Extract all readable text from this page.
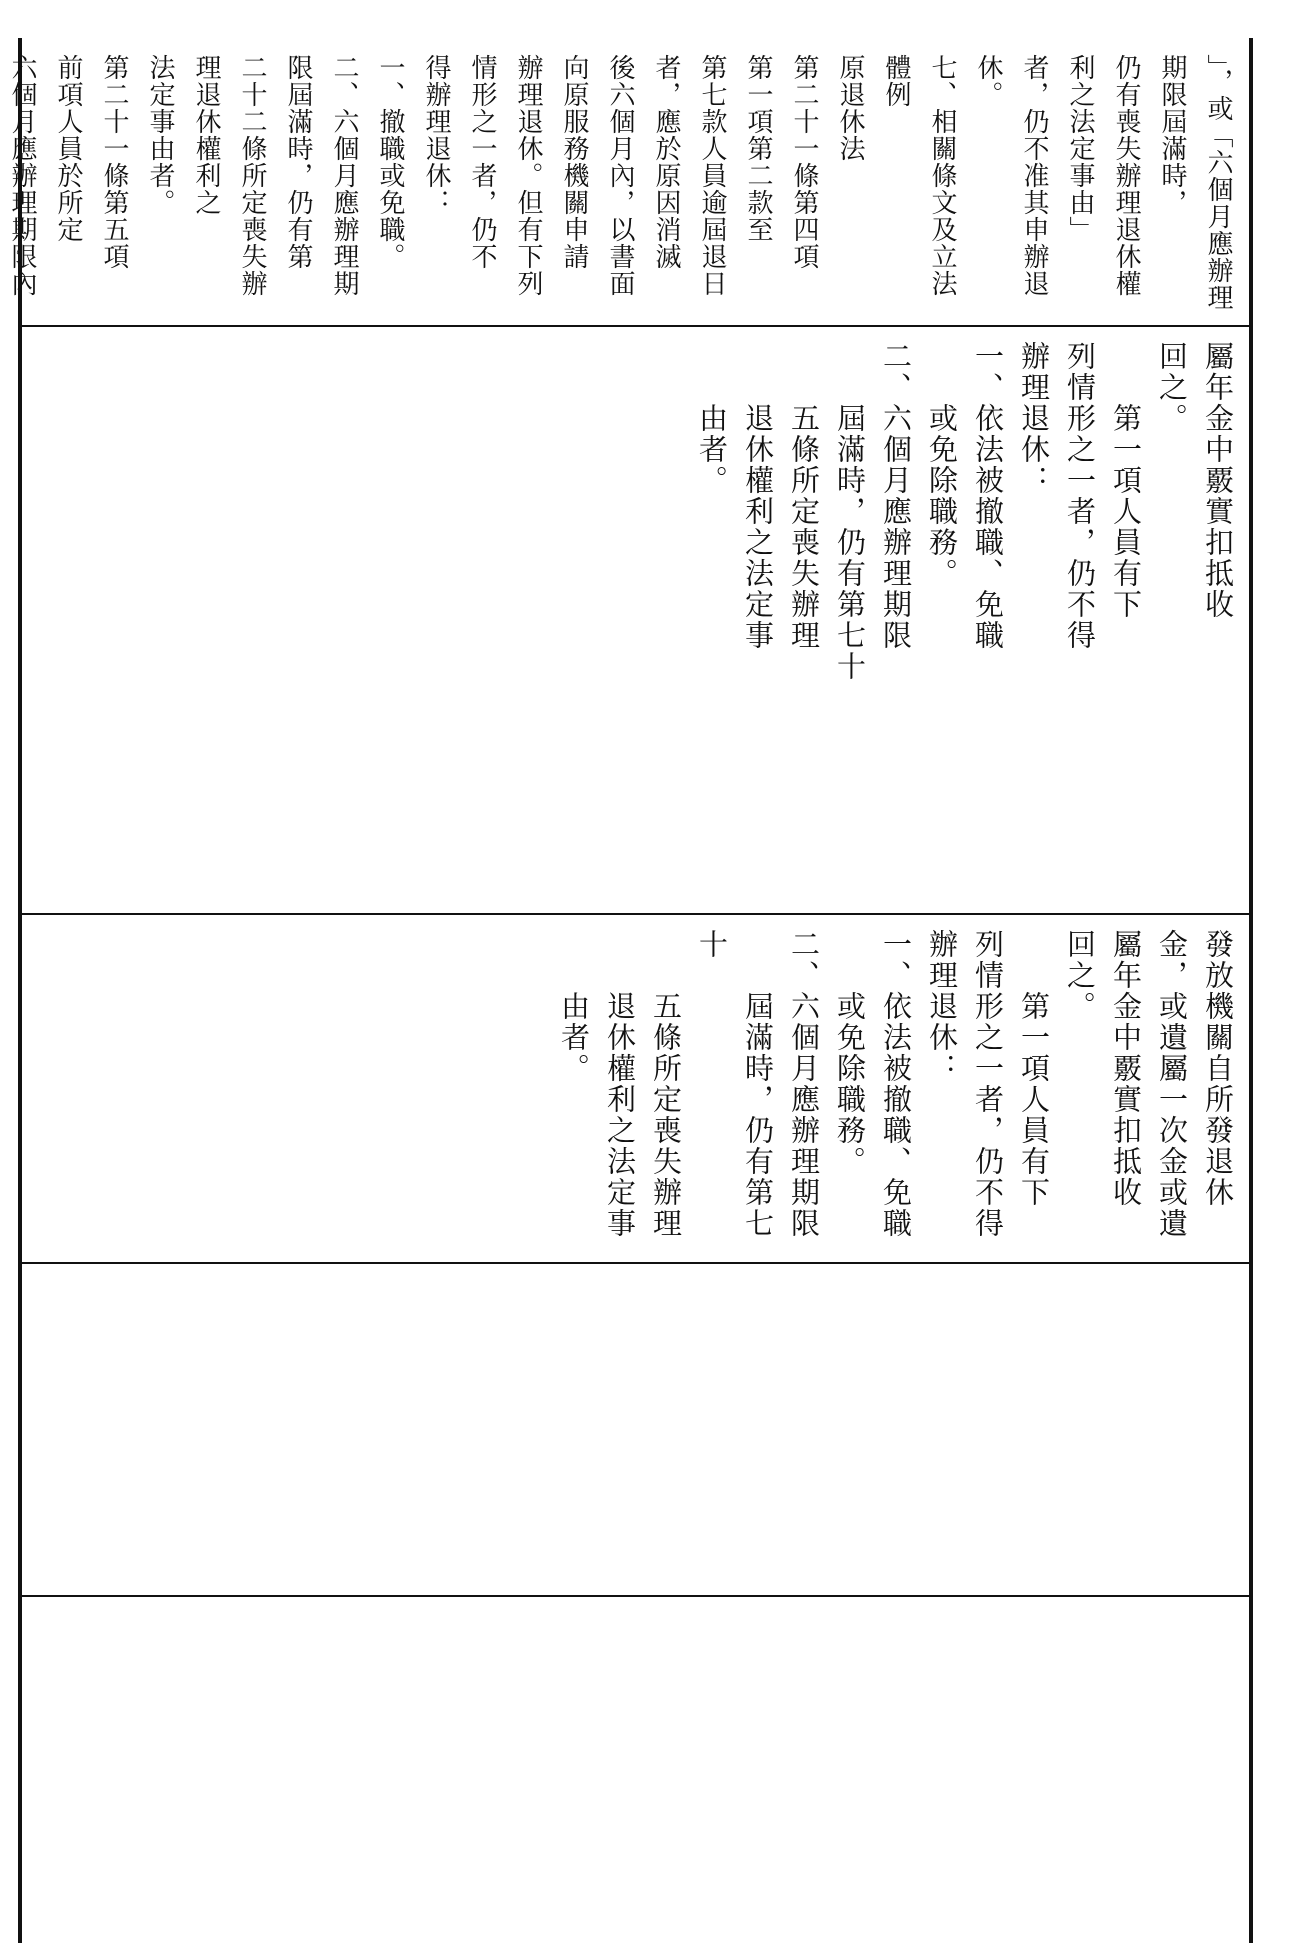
」，或「六個月應辦理期限屆滿時，
仍有喪失辦理退休權利之法定事由」
者，仍不准其申辦退休。
七、相關條文及立法體例
原退休法
第二十一條第四項　第一項第二款至
第七款人員逾屆退日者，應於原因消滅
後六個月內，以書面向原服務機關申請
辦理退休。但有下列情形之一者，仍不
得辦理退休：
一、撤職或免職。
二、六個月應辦理期限屆滿時，仍有第
二十二條所定喪失辦理退休權利之
法定事由者。
第二十一條第五項　前項人員於所定
六個月應辦理期限內
屬年金中覈實扣抵收
回之。
　　第一項人員有下
列情形之一者，仍不得
辦理退休：
一、依法被撤職、免職
　　或免除職務。
二、六個月應辦理期限
　　屆滿時，仍有第七十
　　五條所定喪失辦理
　　退休權利之法定事
　　由者。
發放機關自所發退休
金，或遺屬一次金或遺
屬年金中覈實扣抵收
回之。
　　第一項人員有下
列情形之一者，仍不得
辦理退休：
一、依法被撤職、免職
　　或免除職務。
二、六個月應辦理期限
　　屆滿時，仍有第七十
　　五條所定喪失辦理
　　退休權利之法定事
　　由者。
